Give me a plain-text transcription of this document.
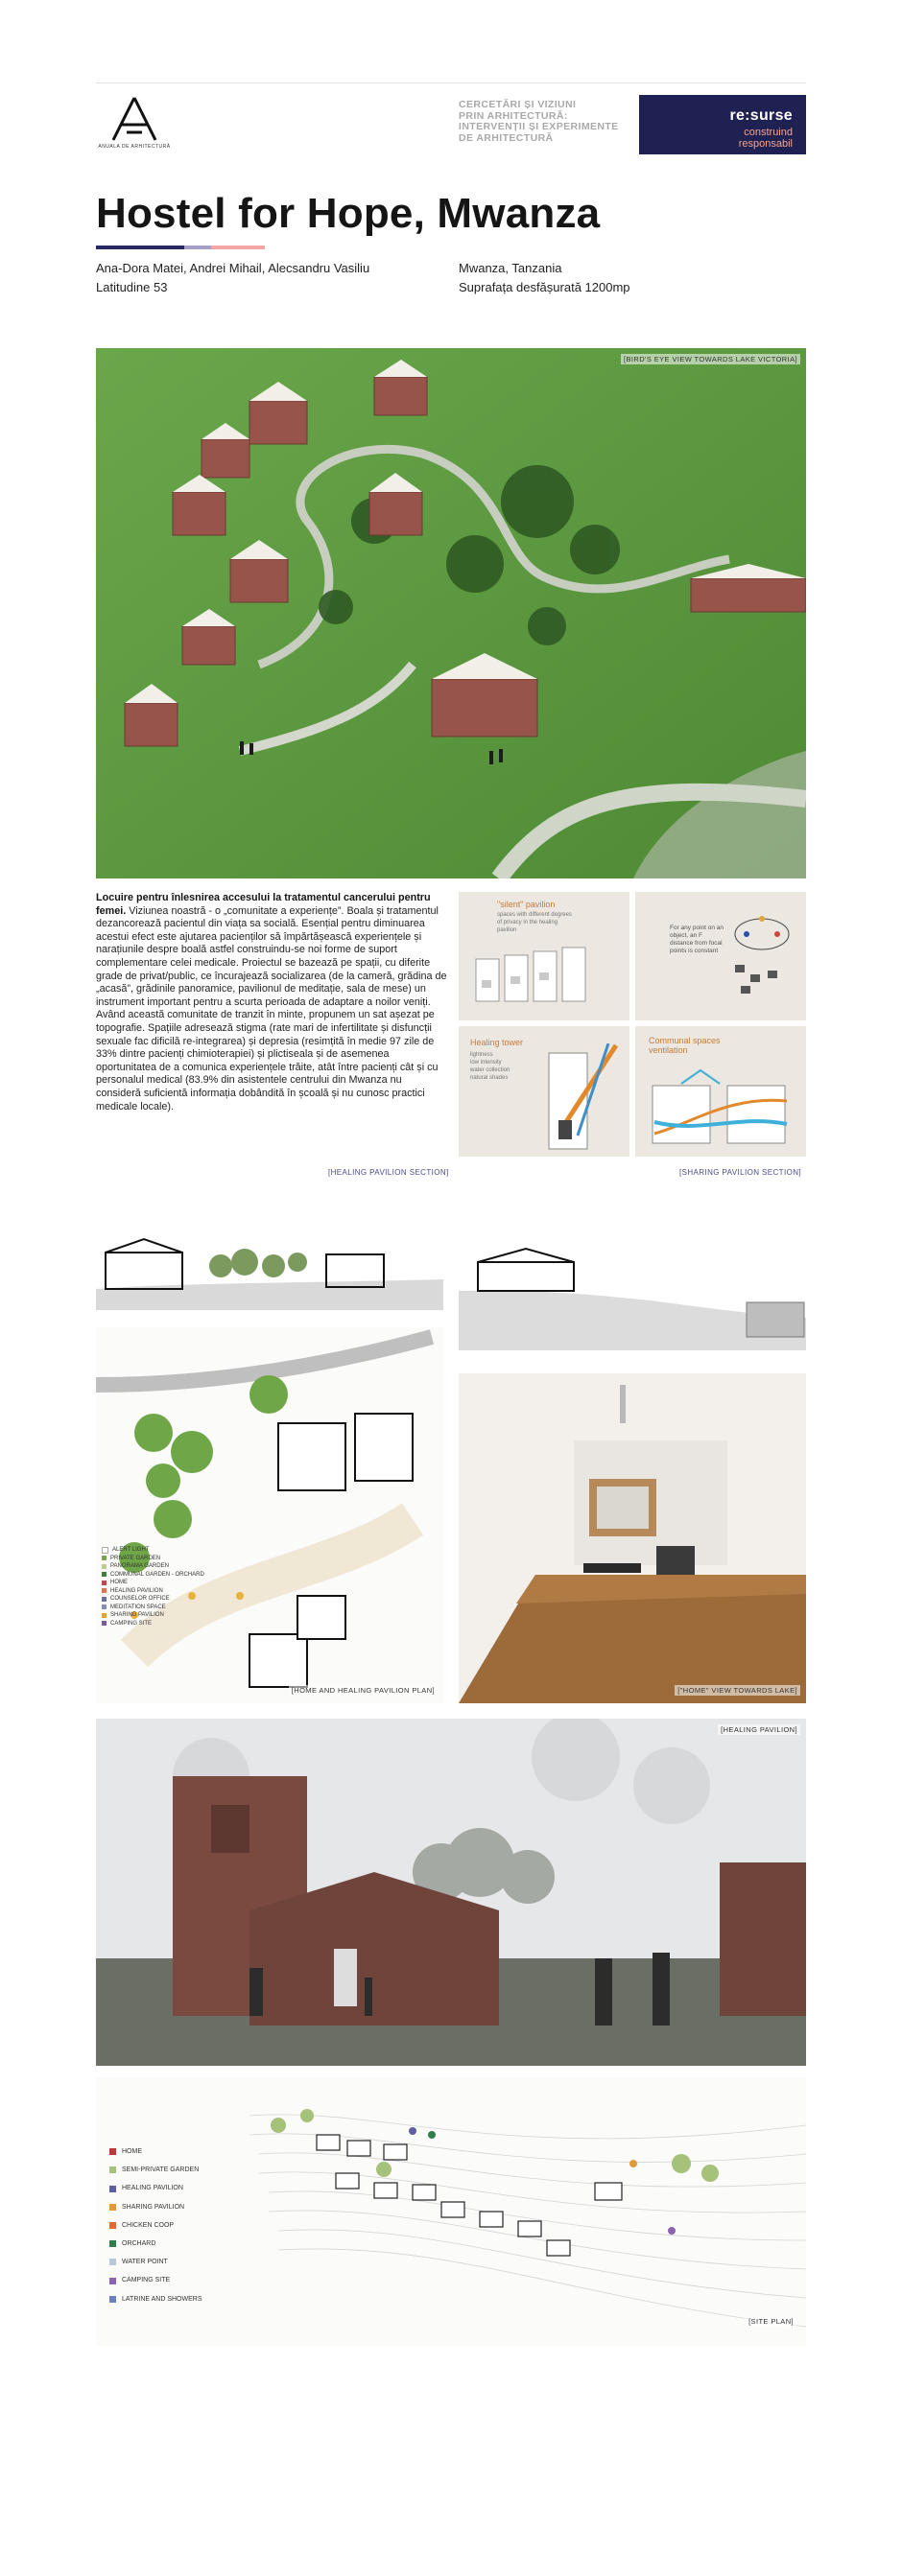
ANUALA DE ARHITECTURĂ
CERCETĂRI ȘI VIZIUNI
PRIN ARHITECTURĂ:
INTERVENȚII ȘI EXPERIMENTE
DE ARHITECTURĂ
re:surse
construind
responsabil
Hostel for Hope, Mwanza
Ana-Dora Matei, Andrei Mihail, Alecsandru Vasiliu
Latitudine 53
Mwanza, Tanzania
Suprafața desfășurată 1200mp
[BIRD'S EYE VIEW TOWARDS LAKE VICTORIA]
Locuire pentru înlesnirea accesului la tratamentul cancerului pentru femei. Viziunea noastră - o „comunitate a experiențe”. Boala și tratamentul dezancorează pacientul din viața sa socială. Esențial pentru diminuarea acestui efect este ajutarea pacienților să împărtășească experiențele și narațiunile despre boală astfel construindu-se noi forme de suport complementare celei medicale. Proiectul se bazează pe spații, cu diferite grade de privat/public, ce încurajează socializarea (de la cameră, grădina de „acasă”, grădinile panoramice, pavilionul de meditație, sala de mese) un instrument important pentru a scurta perioada de adaptare a noilor veniți. Având această comunitate de tranzit în minte, propunem un sat așezat pe topografie. Spațiile adresează stigma (rate mari de infertilitate și disfuncții sexuale fac dificilă re-integrarea) și depresia (resimțită în medie 97 zile de 33% dintre pacienți chimioterapiei) și plictiseala și de asemenea oportunitatea de a comunica experiențele trăite, atât între pacienți cât și cu personalul medical (83.9% din asistentele centrului din Mwanza nu consideră suficientă informația dobândită în școală și nu cunosc practici medicale locale).
"silent" pavilion
spaces with different degrees
of privacy in the healing
pavilion	For any point on an
object, an F
distance from focal
points is constant
Healing tower
lightness
low intensity
water collection
natural shades
Communal spaces
ventilation
[HEALING PAVILION SECTION]	[SHARING PAVILION SECTION]
ALERT LIGHT
PRIVATE GARDEN
PANORAMA GARDEN
COMMUNAL GARDEN - ORCHARD
HOME
HEALING PAVILION
COUNSELOR OFFICE
MEDITATION SPACE
SHARING PAVILION
CAMPING SITE
[HOME AND HEALING PAVILION PLAN]	["HOME" VIEW TOWARDS LAKE]
[HEALING PAVILION]
HOME
SEMI-PRIVATE GARDEN
HEALING PAVILION
SHARING PAVILION
CHICKEN COOP
ORCHARD
WATER POINT
CAMPING SITE
LATRINE AND SHOWERS
[SITE PLAN]
